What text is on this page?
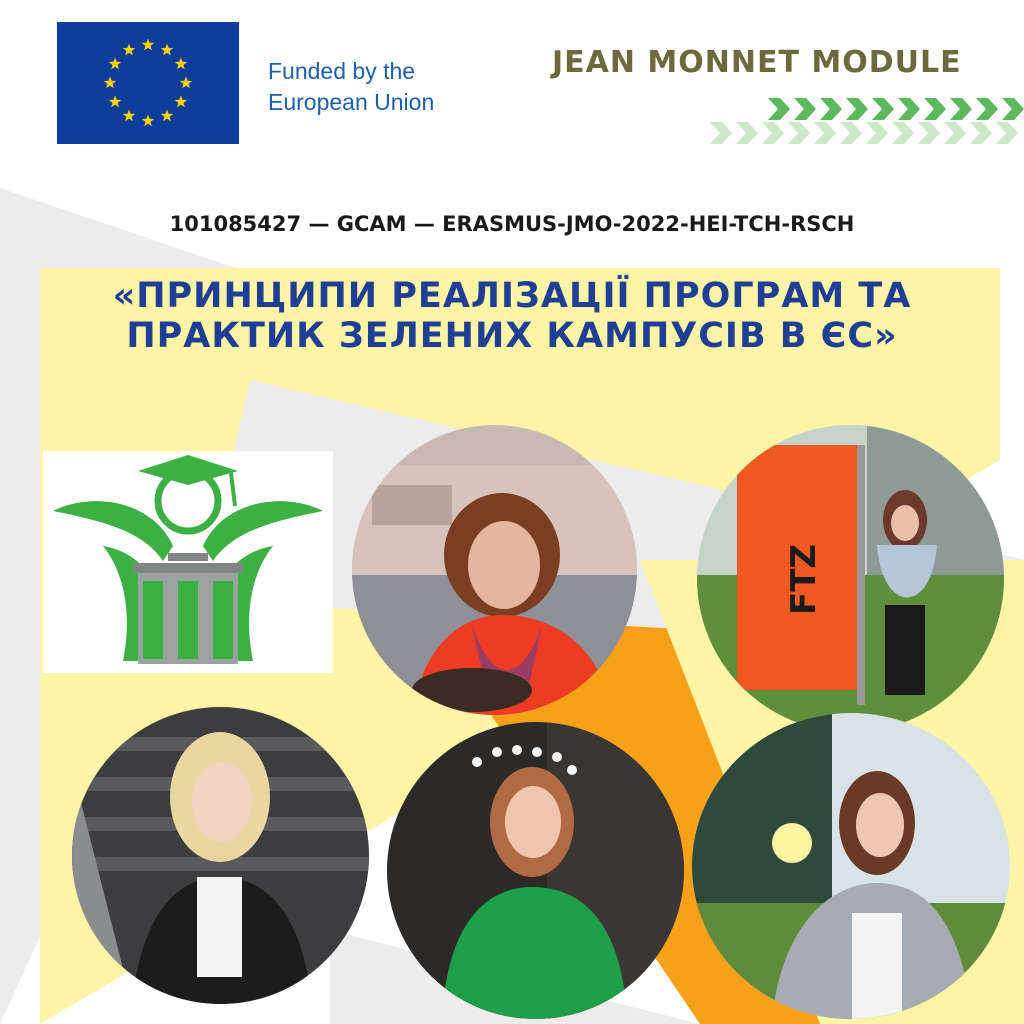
Funded by the
European Union
JEAN MONNET MODULE
101085427 — GCAM — ERASMUS-JMO-2022-HEI-TCH-RSCH
«ПРИНЦИПИ РЕАЛІЗАЦІЇ ПРОГРАМ ТА
ПРАКТИК ЗЕЛЕНИХ КАМПУСІВ В ЄС»
FTZ
